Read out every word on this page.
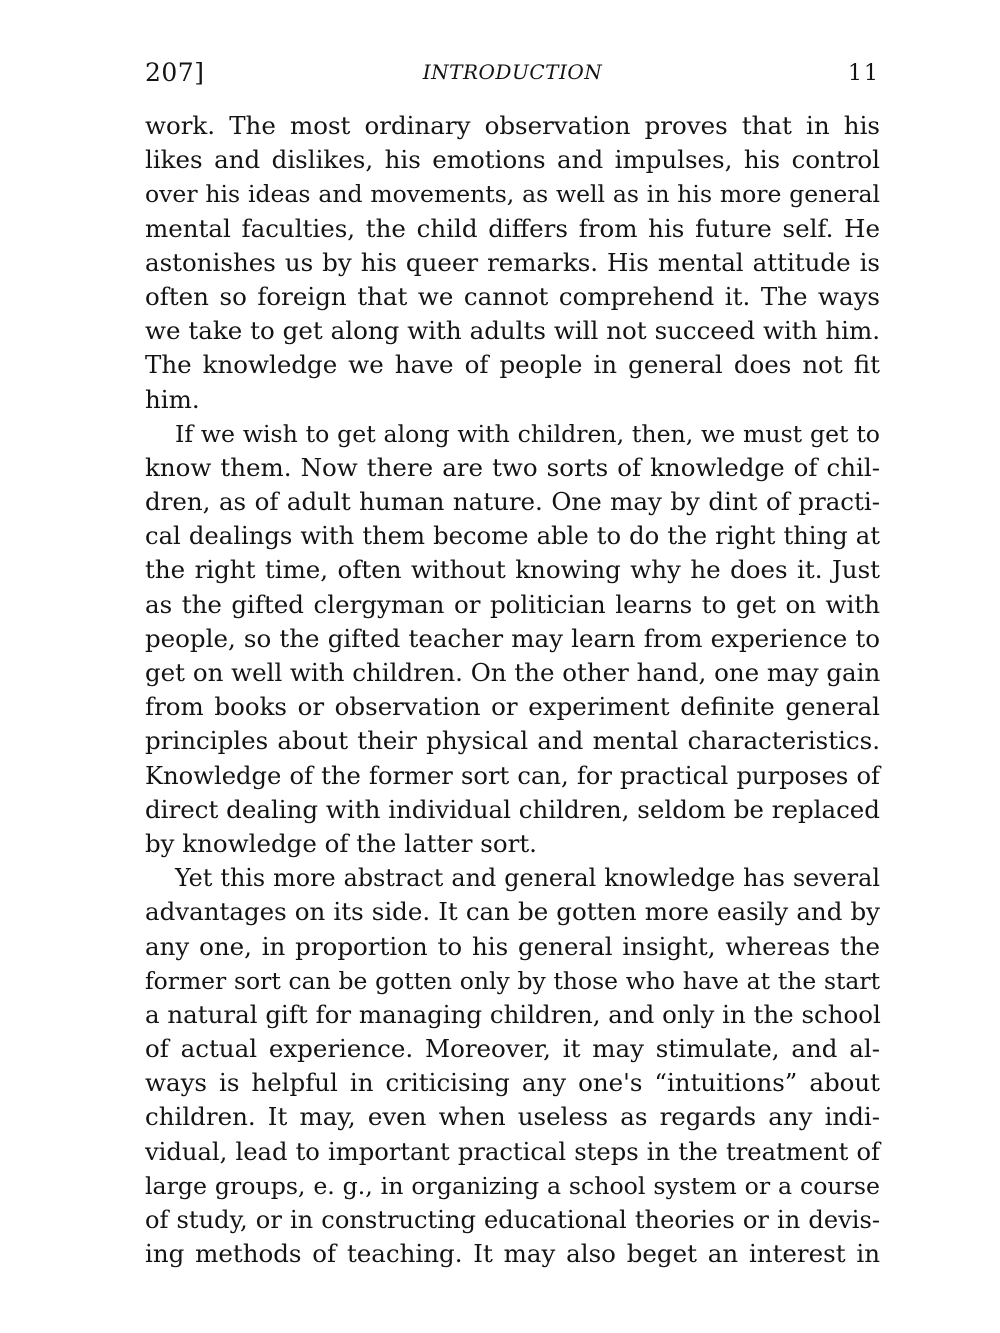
207]	INTRODUCTION	11
work. The most ordinary observation proves that in his
likes and dislikes, his emotions and impulses, his control
over his ideas and movements, as well as in his more general
mental faculties, the child differs from his future self. He
astonishes us by his queer remarks. His mental attitude is
often so foreign that we cannot comprehend it. The ways
we take to get along with adults will not succeed with him.
The knowledge we have of people in general does not fit
him.
If we wish to get along with children, then, we must get to
know them. Now there are two sorts of knowledge of chil-
dren, as of adult human nature. One may by dint of practi-
cal dealings with them become able to do the right thing at
the right time, often without knowing why he does it. Just
as the gifted clergyman or politician learns to get on with
people, so the gifted teacher may learn from experience to
get on well with children. On the other hand, one may gain
from books or observation or experiment definite general
principles about their physical and mental characteristics.
Knowledge of the former sort can, for practical purposes of
direct dealing with individual children, seldom be replaced
by knowledge of the latter sort.
Yet this more abstract and general knowledge has several
advantages on its side. It can be gotten more easily and by
any one, in proportion to his general insight, whereas the
former sort can be gotten only by those who have at the start
a natural gift for managing children, and only in the school
of actual experience. Moreover, it may stimulate, and al-
ways is helpful in criticising any one's “intuitions” about
children. It may, even when useless as regards any indi-
vidual, lead to important practical steps in the treatment of
large groups, e. g., in organizing a school system or a course
of study, or in constructing educational theories or in devis-
ing methods of teaching. It may also beget an interest in
